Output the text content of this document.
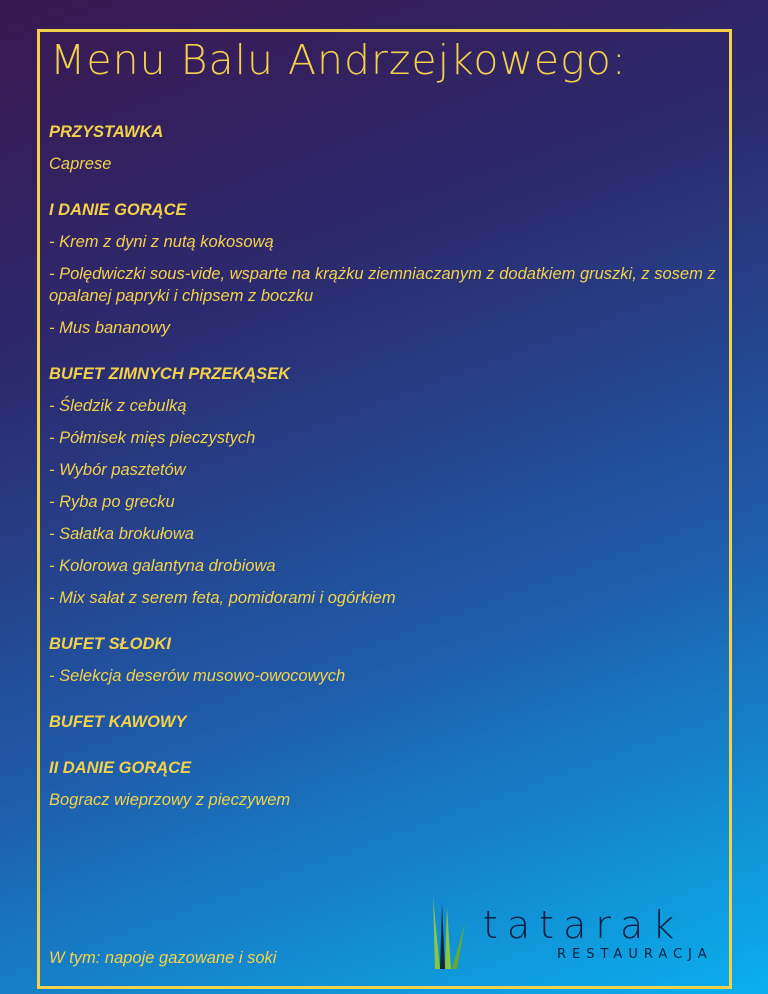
Menu Balu Andrzejkowego:

PRZYSTAWKA

Caprese

I DANIE GORĄCE

- Krem z dyni z nutą kokosową

- Polędwiczki sous-vide, wsparte na krążku ziemniaczanym z dodatkiem gruszki, z sosem z opalanej papryki i chipsem z boczku

- Mus bananowy

BUFET ZIMNYCH PRZEKĄSEK

- Śledzik z cebulką

- Półmisek mięs pieczystych

- Wybór pasztetów

- Ryba po grecku

- Sałatka brokułowa

- Kolorowa galantyna drobiowa

- Mix sałat z serem feta, pomidorami i ogórkiem

BUFET SŁODKI

- Selekcja deserów musowo-owocowych

BUFET KAWOWY

II DANIE GORĄCE

Bogracz wieprzowy z pieczywem

W tym: napoje gazowane i soki

tatarak
RESTAURACJA
